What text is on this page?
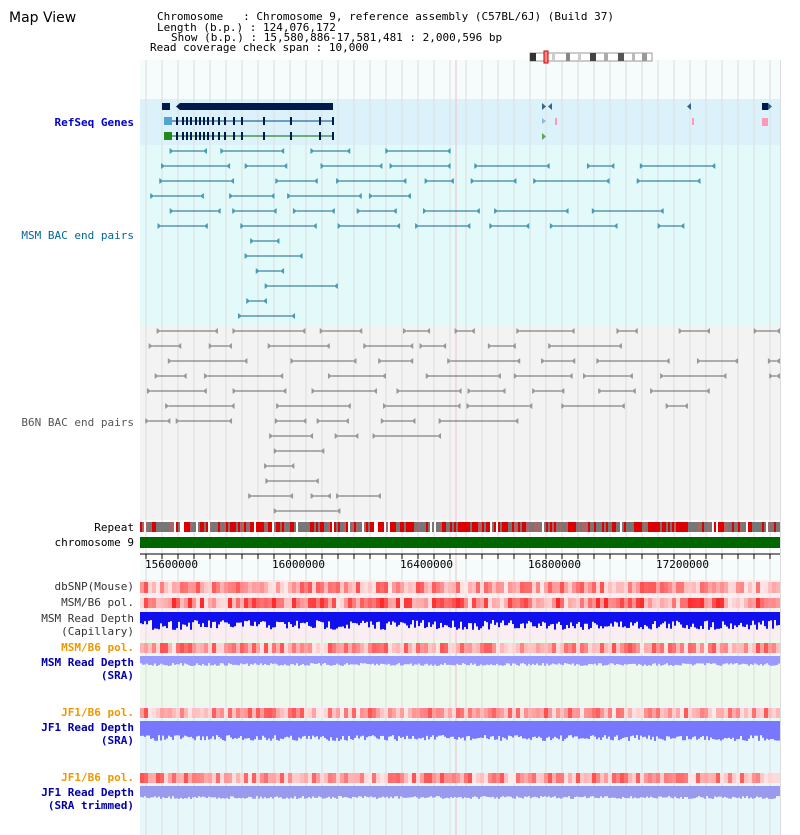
Map View	Chromosome   : Chromosome 9, reference assembly (C57BL/6J) (Build 37)
Length (b.p.) : 124,076,172
Show (b.p.) : 15,580,886-17,581,481 : 2,000,596 bp
Read coverage check span : 10,000
RefSeq Genes
MSM BAC end pairs
B6N BAC end pairs
Repeat
chromosome 9
dbSNP(Mouse)
MSM/B6 pol.
MSM Read Depth
(Capillary)
MSM/B6 pol.
MSM Read Depth
(SRA)
JF1/B6 pol.
JF1 Read Depth
(SRA)
JF1/B6 pol.
JF1 Read Depth
(SRA trimmed)
15600000	16000000	16400000	16800000	17200000
